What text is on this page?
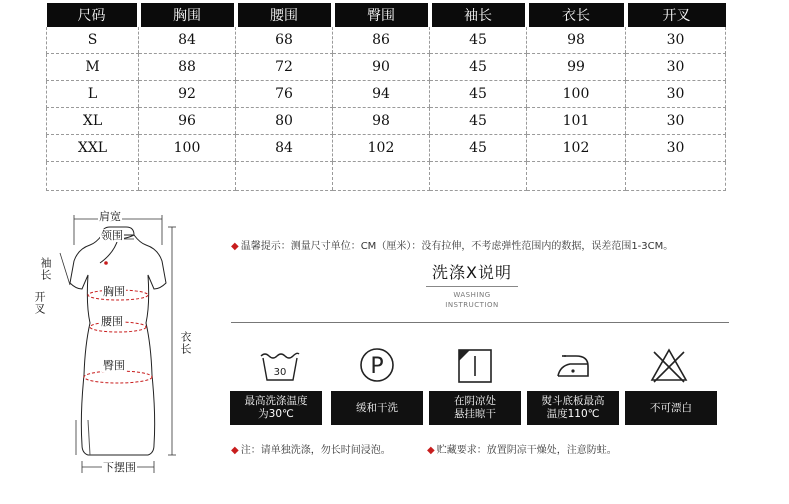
尺码	胸围	腰围	臀围	袖长	衣长	开叉
S	84	68	86	45	98	30
M	88	72	90	45	99	30
L	92	76	94	45	100	30
XL	96	80	98	45	101	30
XXL	100	84	102	45	102	30

肩宽
领围
袖长
开叉	胸围
腰围
臀围
衣长
下摆围
◆ 温馨提示：测量尺寸单位：CM（厘米）：没有拉伸，不考虑弹性范围内的数据，误差范围1-3CM。
洗涤X说明
WASHING
INSTRUCTION
30	P
最高洗涤温度
为30℃
缓和干洗
在阴凉处
悬挂晾干
熨斗底板最高
温度110℃
不可漂白
◆ 注：请单独洗涤，勿长时间浸泡。	◆ 贮藏要求：放置阴凉干燥处，注意防蛀。
